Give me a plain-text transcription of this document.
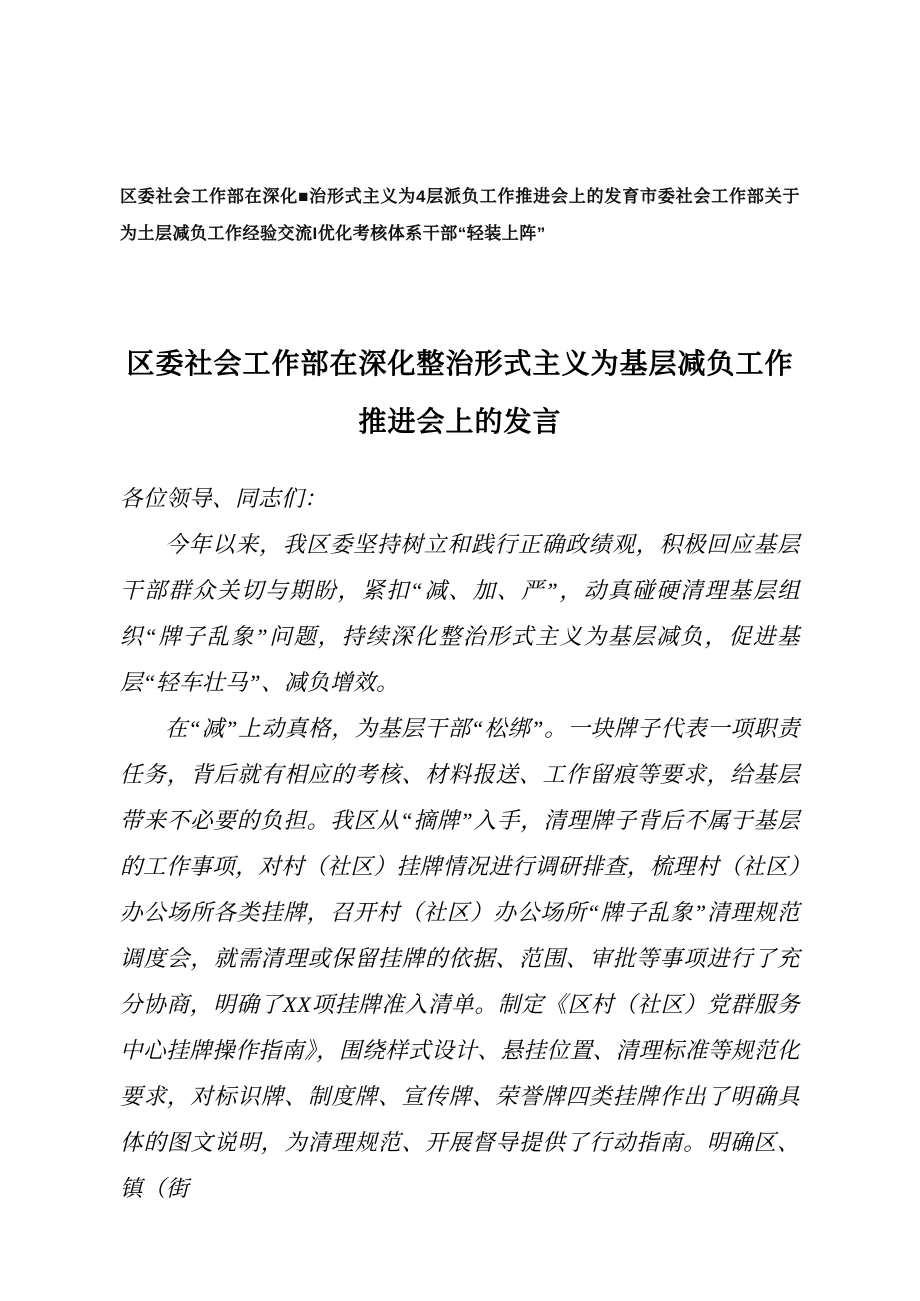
区委社会工作部在深化■治形式主义为4层派负工作推进会上的发育市委社会工作部关于为土层减负工作经验交流I优化考核体系干部“轻装上阵”
区委社会工作部在深化整治形式主义为基层减负工作推进会上的发言

各位领导、同志们：

今年以来，我区委坚持树立和践行正确政绩观，积极回应基层干部群众关切与期盼，紧扣“减、加、严”，动真碰硬清理基层组织“牌子乱象”问题，持续深化整治形式主义为基层减负，促进基层“轻车壮马”、减负增效。

在“减”上动真格，为基层干部“松绑”。一块牌子代表一项职责任务，背后就有相应的考核、材料报送、工作留痕等要求，给基层带来不必要的负担。我区从“摘牌”入手，清理牌子背后不属于基层的工作事项，对村（社区）挂牌情况进行调研排查，梳理村（社区）办公场所各类挂牌，召开村（社区）办公场所“牌子乱象”清理规范调度会，就需清理或保留挂牌的依据、范围、审批等事项进行了充分协商，明确了XX项挂牌准入清单。制定《区村（社区）党群服务中心挂牌操作指南》，围绕样式设计、悬挂位置、清理标准等规范化要求，对标识牌、制度牌、宣传牌、荣誉牌四类挂牌作出了明确具体的图文说明，为清理规范、开展督导提供了行动指南。明确区、镇（街
